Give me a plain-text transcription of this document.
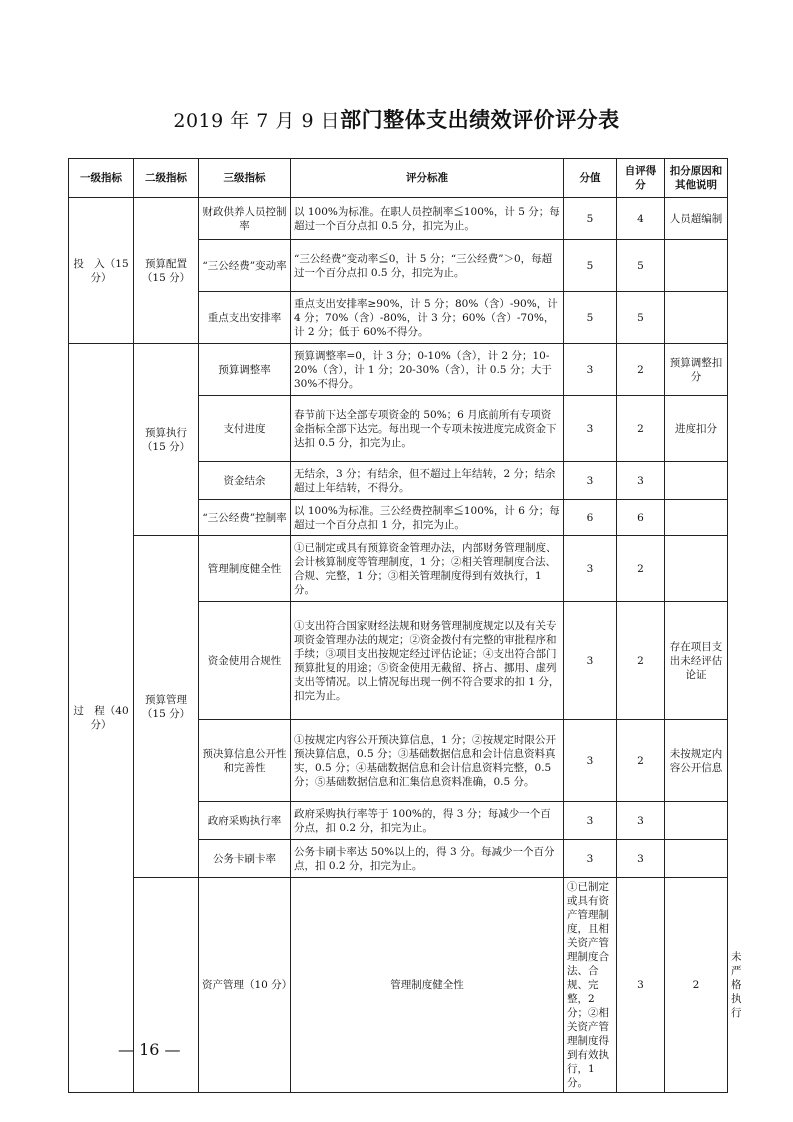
2019 年 7 月 9 日部门整体支出绩效评价评分表
一级指标	二级指标	三级指标	评分标准	分值	自评得分	扣分原因和其他说明	
投　入（15 分）	预算配置（15 分）	财政供养人员控制率	以 100%为标准。在职人员控制率≦100%，计 5 分；每超过一个百分点扣 0.5 分，扣完为止。	5	4	人员超编制	
		“三公经费”变动率	“三公经费”变动率≦0，计 5 分；“三公经费”＞0，每超过一个百分点扣 0.5 分，扣完为止。	5	5		
		重点支出安排率	重点支出安排率≥90%，计 5 分；80%（含）-90%，计 4 分；70%（含）-80%，计 3 分；60%（含）-70%，计 2 分；低于 60%不得分。	5	5		
过　程（40 分）	预算执行（15 分）	预算调整率	预算调整率=0，计 3 分；0-10%（含），计 2 分；10-20%（含），计 1 分；20-30%（含），计 0.5 分；大于 30%不得分。	3	2	预算调整扣分	
		支付进度	春节前下达全部专项资金的 50%；6 月底前所有专项资金指标全部下达完。每出现一个专项未按进度完成资金下达扣 0.5 分，扣完为止。	3	2	进度扣分	
		资金结余	无结余，3 分；有结余，但不超过上年结转，2 分；结余超过上年结转，不得分。	3	3		
		“三公经费”控制率	以 100%为标准。三公经费控制率≦100%，计 6 分；每超过一个百分点扣 1 分，扣完为止。	6	6		
	预算管理（15 分）	管理制度健全性	①已制定或具有预算资金管理办法，内部财务管理制度、会计核算制度等管理制度，1 分；②相关管理制度合法、合规、完整，1 分；③相关管理制度得到有效执行，1 分。	3	2		
		资金使用合规性	①支出符合国家财经法规和财务管理制度规定以及有关专项资金管理办法的规定；②资金拨付有完整的审批程序和手续；③项目支出按规定经过评估论证；④支出符合部门预算批复的用途；⑤资金使用无截留、挤占、挪用、虚列支出等情况。以上情况每出现一例不符合要求的扣 1 分，扣完为止。	3	2	存在项目支出未经评估论证	
		预决算信息公开性和完善性	①按规定内容公开预决算信息，1 分；②按规定时限公开预决算信息，0.5 分；③基础数据信息和会计信息资料真实，0.5 分；④基础数据信息和会计信息资料完整，0.5 分；⑤基础数据信息和汇集信息资料准确，0.5 分。	3	2	未按规定内容公开信息	
		政府采购执行率	政府采购执行率等于 100%的，得 3 分；每减少一个百分点，扣 0.2 分，扣完为止。	3	3		
		公务卡刷卡率	公务卡刷卡率达 50%以上的，得 3 分。每减少一个百分点，扣 0.2 分，扣完为止。	3	3		
		资产管理（10 分）	管理制度健全性	①已制定或具有资产管理制度，且相关资产管理制度合法、合规、完整，2 分；②相关资产管理制度得到有效执行，1 分。	3	2	未严格执行
— 16 —
